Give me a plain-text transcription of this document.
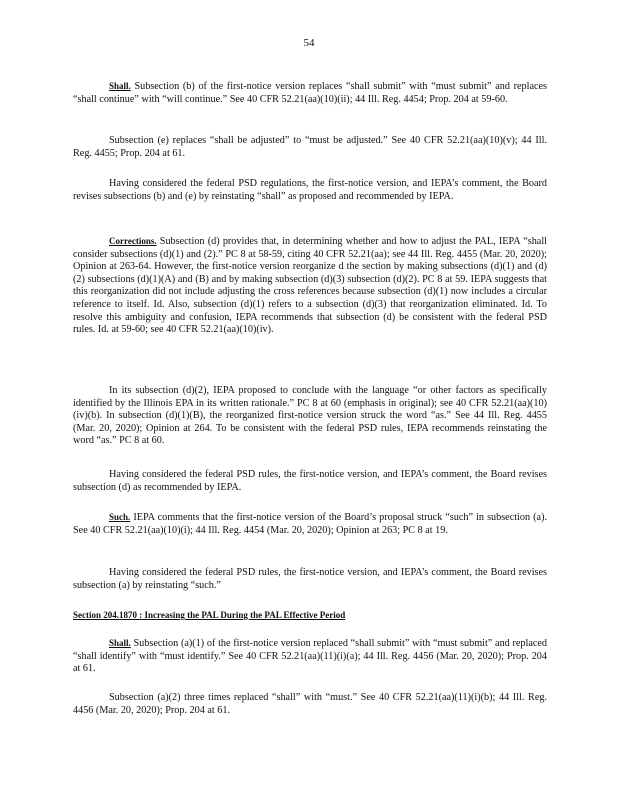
54

Shall. Subsection (b) of the first-notice version replaces “shall submit” with “must submit” and replaces “shall continue” with “will continue.” See 40 CFR 52.21(aa)(10)(ii); 44 Ill. Reg. 4454; Prop. 204 at 59-60.

Subsection (e) replaces “shall be adjusted” to “must be adjusted.” See 40 CFR 52.21(aa)(10)(v); 44 Ill. Reg. 4455; Prop. 204 at 61.

Having considered the federal PSD regulations, the first-notice version, and IEPA’s comment, the Board revises subsections (b) and (e) by reinstating “shall” as proposed and recommended by IEPA.

Corrections. Subsection (d) provides that, in determining whether and how to adjust the PAL, IEPA “shall consider subsections (d)(1) and (2).” PC 8 at 58-59, citing 40 CFR 52.21(aa); see 44 Ill. Reg. 4455 (Mar. 20, 2020); Opinion at 263-64. However, the first-notice version reorganize d the section by making subsections (d)(1) and (d)(2) subsections (d)(1)(A) and (B) and by making subsection (d)(3) subsection (d)(2). PC 8 at 59. IEPA suggests that this reorganization did not include adjusting the cross references because subsection (d)(1) now includes a circular reference to itself. Id. Also, subsection (d)(1) refers to a subsection (d)(3) that reorganization eliminated. Id. To resolve this ambiguity and confusion, IEPA recommends that subsection (d) be consistent with the federal PSD rules. Id. at 59-60; see 40 CFR 52.21(aa)(10)(iv).

In its subsection (d)(2), IEPA proposed to conclude with the language “or other factors as specifically identified by the Illinois EPA in its written rationale.” PC 8 at 60 (emphasis in original); see 40 CFR 52.21(aa)(10)(iv)(b). In subsection (d)(1)(B), the reorganized first-notice version struck the word “as.” See 44 Ill. Reg. 4455 (Mar. 20, 2020); Opinion at 264. To be consistent with the federal PSD rules, IEPA recommends reinstating the word “as.” PC 8 at 60.

Having considered the federal PSD rules, the first-notice version, and IEPA’s comment, the Board revises subsection (d) as recommended by IEPA.

Such. IEPA comments that the first-notice version of the Board’s proposal struck “such” in subsection (a). See 40 CFR 52.21(aa)(10)(i); 44 Ill. Reg. 4454 (Mar. 20, 2020); Opinion at 263; PC 8 at 19.

Having considered the federal PSD rules, the first-notice version, and IEPA’s comment, the Board revises subsection (a) by reinstating “such.”

Section 204.1870 : Increasing the PAL During the PAL Effective Period

Shall. Subsection (a)(1) of the first-notice version replaced “shall submit” with “must submit” and replaced “shall identify” with “must identify.” See 40 CFR 52.21(aa)(11)(i)(a); 44 Ill. Reg. 4456 (Mar. 20, 2020); Prop. 204 at 61.

Subsection (a)(2) three times replaced “shall” with “must.” See 40 CFR 52.21(aa)(11)(i)(b); 44 Ill. Reg. 4456 (Mar. 20, 2020); Prop. 204 at 61.
